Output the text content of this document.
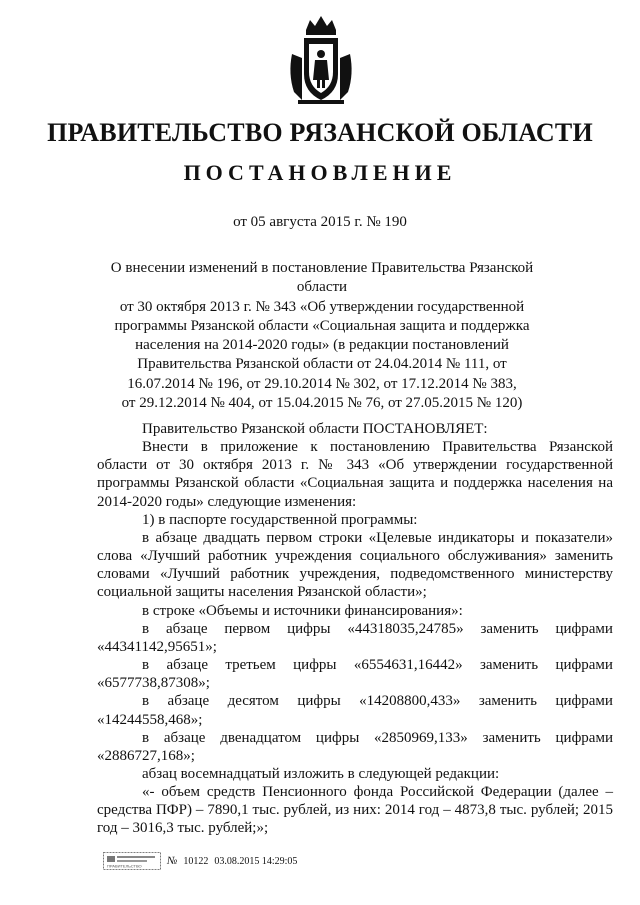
ПРАВИТЕЛЬСТВО РЯЗАНСКОЙ ОБЛАСТИ
ПОСТАНОВЛЕНИЕ
от 05 августа 2015 г. № 190
О внесении изменений в постановление Правительства Рязанской области
от 30 октября 2013 г. № 343 «Об утверждении государственной
программы Рязанской области «Социальная защита и поддержка
населения на 2014-2020 годы» (в редакции постановлений
Правительства Рязанской области от 24.04.2014 № 111, от
16.07.2014 № 196, от 29.10.2014 № 302, от 17.12.2014 № 383,
от 29.12.2014 № 404, от 15.04.2015 № 76, от 27.05.2015 № 120)

Правительство Рязанской области ПОСТАНОВЛЯЕТ:

Внести в приложение к постановлению Правительства Рязанской области от 30 октября 2013 г. № 343 «Об утверждении государственной программы Рязанской области «Социальная защита и поддержка населения на 2014-2020 годы» следующие изменения:

1) в паспорте государственной программы:

в абзаце двадцать первом строки «Целевые индикаторы и показатели» слова «Лучший работник учреждения социального обслуживания» заменить словами «Лучший работник учреждения, подведомственного министерству социальной защиты населения Рязанской области»;

в строке «Объемы и источники финансирования»:

в абзаце первом цифры «44318035,24785» заменить цифрами

«44341142,95651»;

в абзаце третьем цифры «6554631,16442» заменить цифрами

«6577738,87308»;

в абзаце десятом цифры «14208800,433» заменить цифрами

«14244558,468»;

в абзаце двенадцатом цифры «2850969,133» заменить цифрами

«2886727,168»;

абзац восемнадцатый изложить в следующей редакции:

«- объем средств Пенсионного фонда Российской Федерации (далее – средства ПФР) – 7890,1 тыс. рублей, из них: 2014 год – 4873,8 тыс. рублей; 2015 год – 3016,3 тыс. рублей;»;

ПРАВИТЕЛЬСТВО № 10122 03.08.2015 14:29:05
